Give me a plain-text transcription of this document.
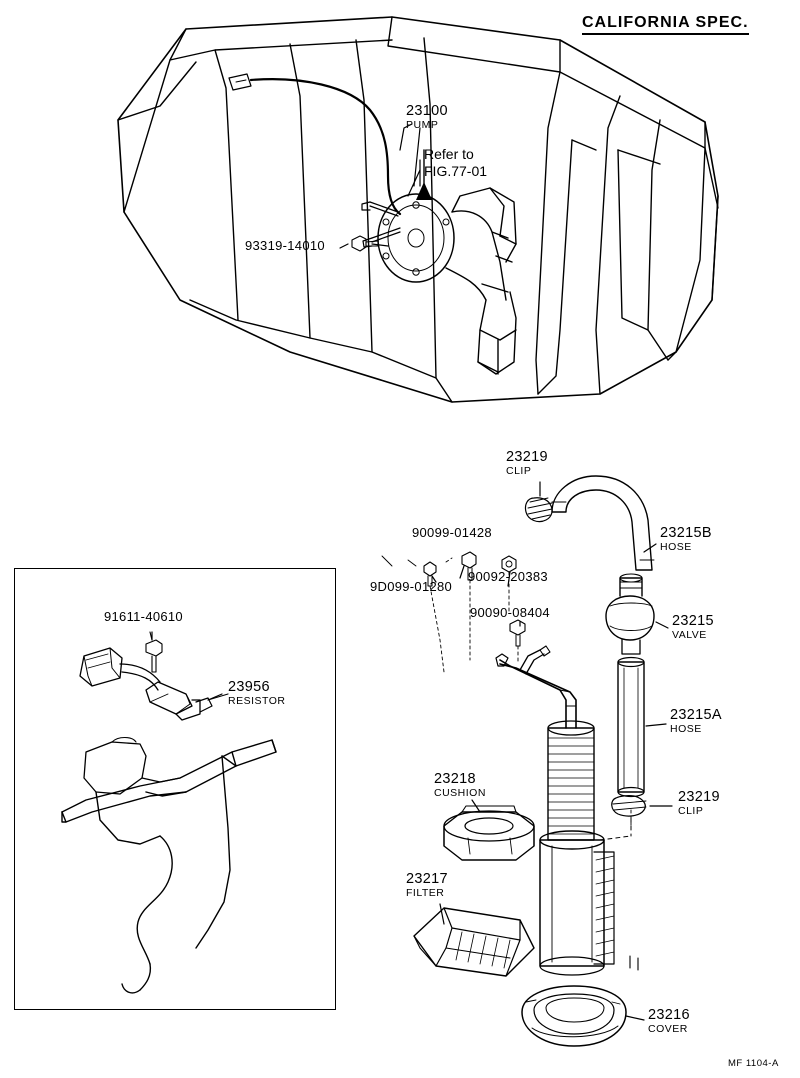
CALIFORNIA SPEC.
23100
PUMP
Refer to
FIG.77-01
93319-14010
91611-40610
23956
RESISTOR
23219
CLIP
23215B
HOSE
23215
VALVE
23215A
HOSE
23219
CLIP
23218
CUSHION
23217
FILTER
23216
COVER
90099-01428
9D099-01280
90092-20383
90090-08404
MF 1104-A
